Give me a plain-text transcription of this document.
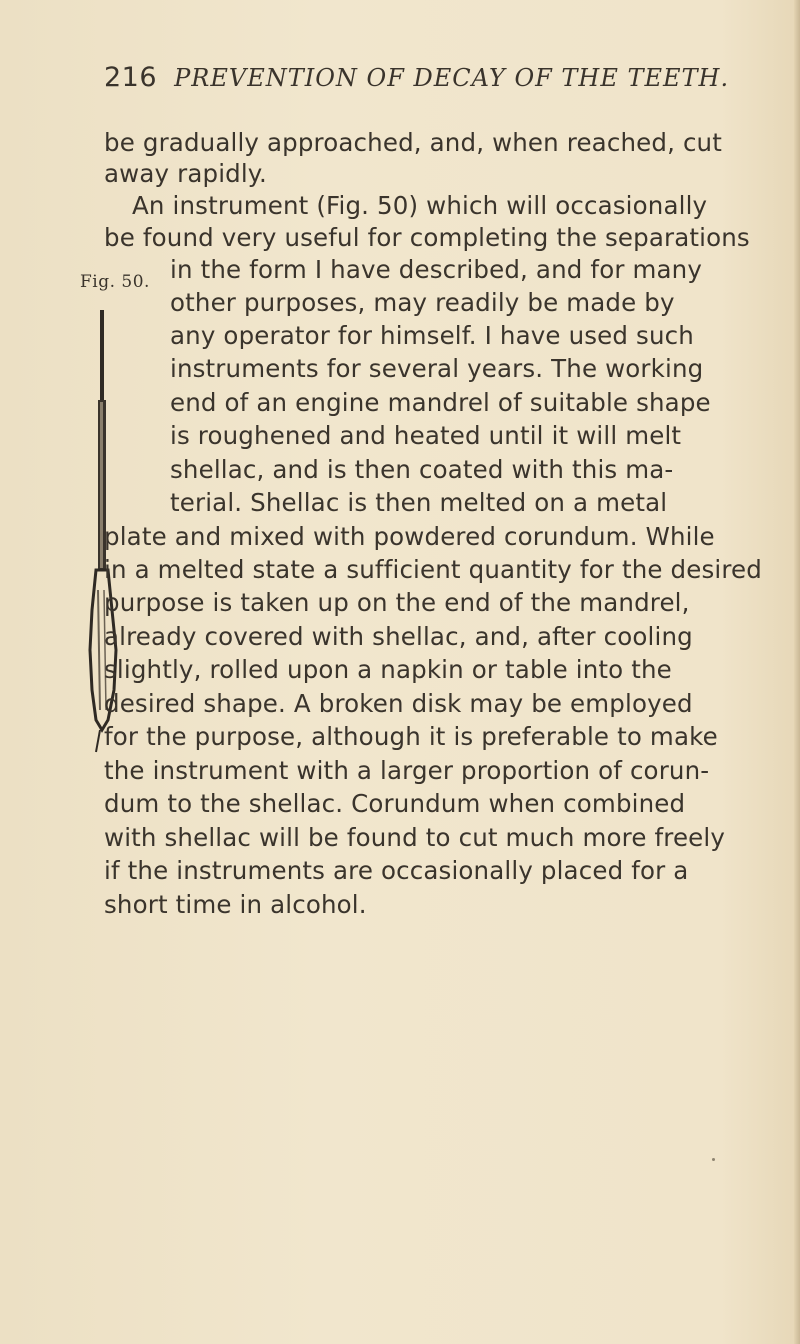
216 PREVENTION OF DECAY OF THE TEETH.
be gradually approached, and, when reached, cut
away rapidly.
An instrument (Fig. 50) which will occasionally
be found very useful for completing the separations
Fig. 50. in the form I have described, and for many
other purposes, may readily be made by
any operator for himself. I have used such
instruments for several years. The working
end of an engine mandrel of suitable shape
is roughened and heated until it will melt
shellac, and is then coated with this ma-
terial. Shellac is then melted on a metal
plate and mixed with powdered corundum. While
in a melted state a sufficient quantity for the desired
purpose is taken up on the end of the mandrel,
already covered with shellac, and, after cooling
slightly, rolled upon a napkin or table into the
desired shape. A broken disk may be employed
for the purpose, although it is preferable to make
the instrument with a larger proportion of corun-
dum to the shellac. Corundum when combined
with shellac will be found to cut much more freely
if the instruments are occasionally placed for a
short time in alcohol.
